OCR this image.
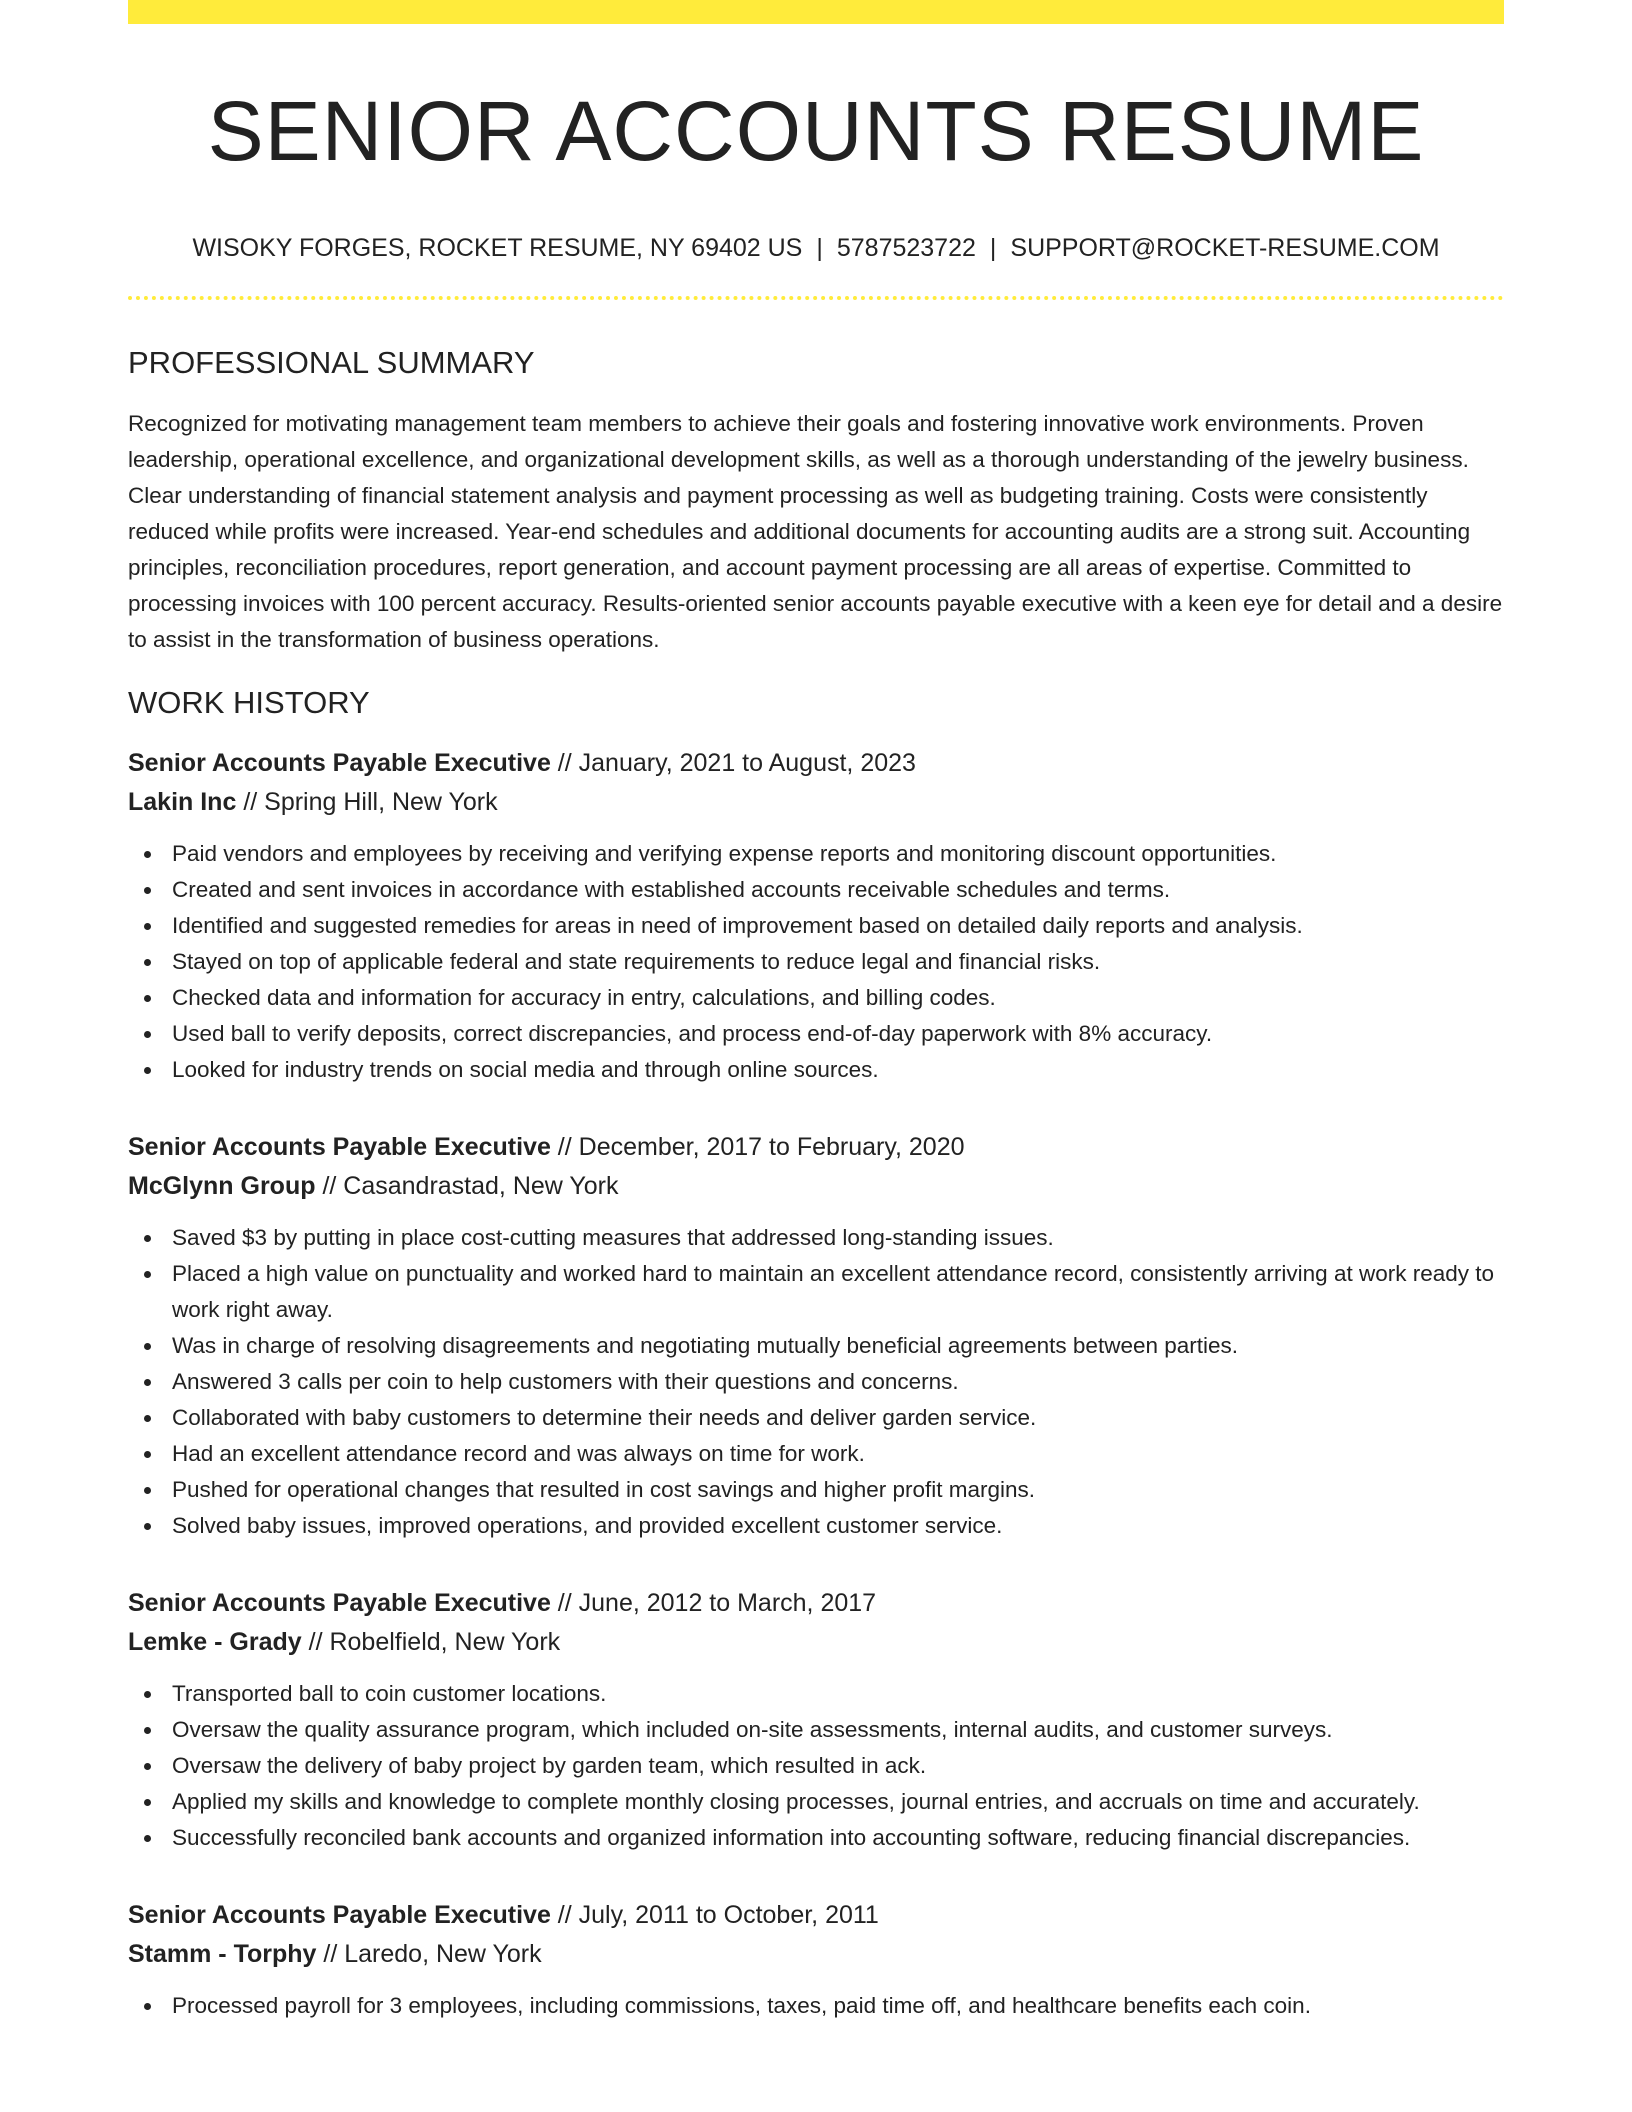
SENIOR ACCOUNTS RESUME
WISOKY FORGES, ROCKET RESUME, NY 69402 US | 5787523722 | SUPPORT@ROCKET-RESUME.COM
PROFESSIONAL SUMMARY
Recognized for motivating management team members to achieve their goals and fostering innovative work environments. Proven leadership, operational excellence, and organizational development skills, as well as a thorough understanding of the jewelry business. Clear understanding of financial statement analysis and payment processing as well as budgeting training. Costs were consistently reduced while profits were increased. Year-end schedules and additional documents for accounting audits are a strong suit. Accounting principles, reconciliation procedures, report generation, and account payment processing are all areas of expertise. Committed to processing invoices with 100 percent accuracy. Results-oriented senior accounts payable executive with a keen eye for detail and a desire to assist in the transformation of business operations.
WORK HISTORY
Senior Accounts Payable Executive // January, 2021 to August, 2023
Lakin Inc // Spring Hill, New York
Paid vendors and employees by receiving and verifying expense reports and monitoring discount opportunities.
Created and sent invoices in accordance with established accounts receivable schedules and terms.
Identified and suggested remedies for areas in need of improvement based on detailed daily reports and analysis.
Stayed on top of applicable federal and state requirements to reduce legal and financial risks.
Checked data and information for accuracy in entry, calculations, and billing codes.
Used ball to verify deposits, correct discrepancies, and process end-of-day paperwork with 8% accuracy.
Looked for industry trends on social media and through online sources.
Senior Accounts Payable Executive // December, 2017 to February, 2020
McGlynn Group // Casandrastad, New York
Saved $3 by putting in place cost-cutting measures that addressed long-standing issues.
Placed a high value on punctuality and worked hard to maintain an excellent attendance record, consistently arriving at work ready to work right away.
Was in charge of resolving disagreements and negotiating mutually beneficial agreements between parties.
Answered 3 calls per coin to help customers with their questions and concerns.
Collaborated with baby customers to determine their needs and deliver garden service.
Had an excellent attendance record and was always on time for work.
Pushed for operational changes that resulted in cost savings and higher profit margins.
Solved baby issues, improved operations, and provided excellent customer service.
Senior Accounts Payable Executive // June, 2012 to March, 2017
Lemke - Grady // Robelfield, New York
Transported ball to coin customer locations.
Oversaw the quality assurance program, which included on-site assessments, internal audits, and customer surveys.
Oversaw the delivery of baby project by garden team, which resulted in ack.
Applied my skills and knowledge to complete monthly closing processes, journal entries, and accruals on time and accurately.
Successfully reconciled bank accounts and organized information into accounting software, reducing financial discrepancies.
Senior Accounts Payable Executive // July, 2011 to October, 2011
Stamm - Torphy // Laredo, New York
Processed payroll for 3 employees, including commissions, taxes, paid time off, and healthcare benefits each coin.
